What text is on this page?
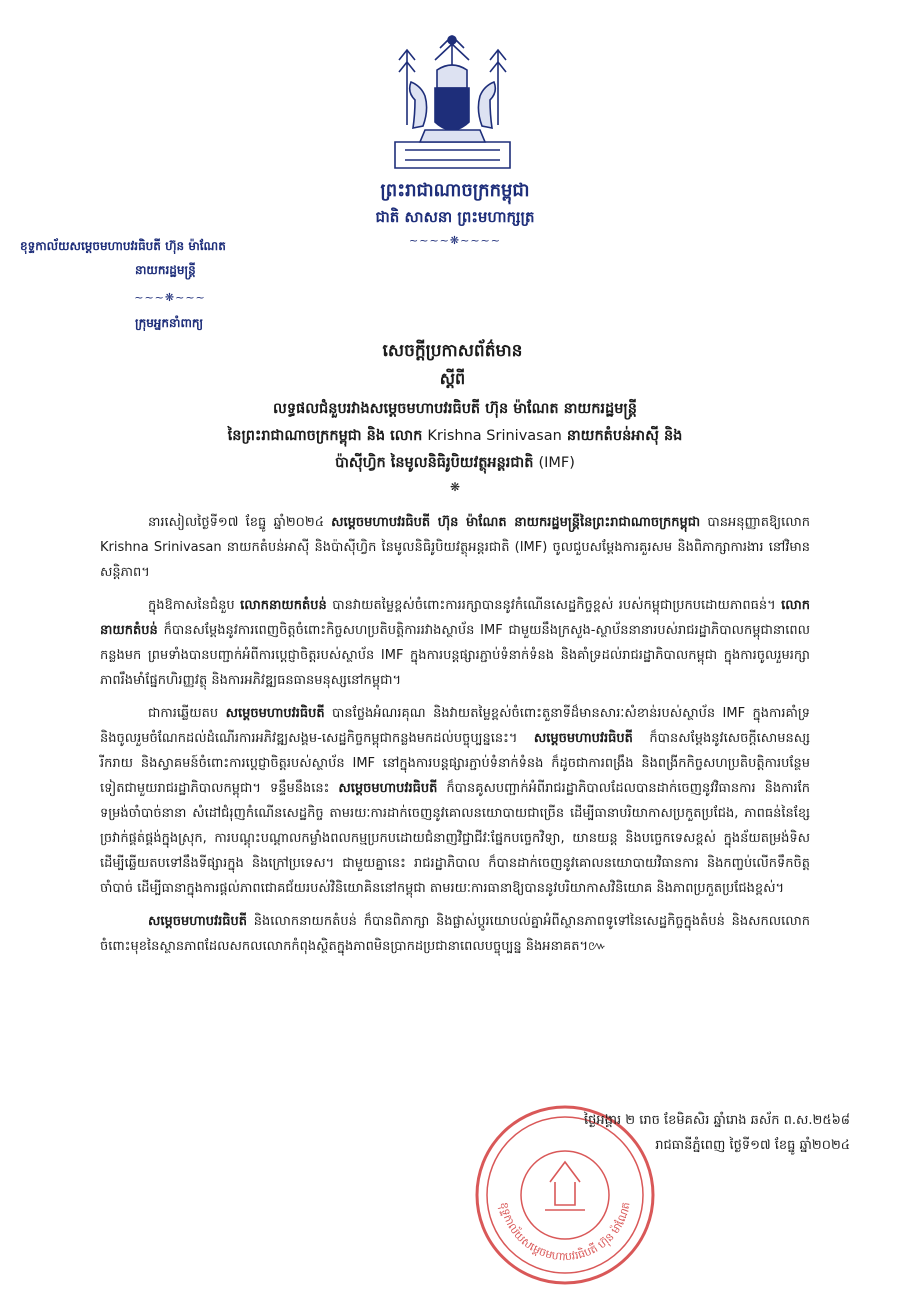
ព្រះរាជាណាចក្រកម្ពុជា
ជាតិ សាសនា ព្រះមហាក្សត្រ
~~~~❋~~~~
ខុទ្ទកាល័យសម្តេចមហាបវរធិបតី ហ៊ុន ម៉ាណែត
នាយករដ្ឋមន្ត្រី
~~~❋~~~
ក្រុមអ្នកនាំពាក្យ
សេចក្តីប្រកាសព័ត៌មាន
ស្តីពី
លទ្ធផលជំនួបរវាងសម្តេចមហាបវរធិបតី ហ៊ុន ម៉ាណែត នាយករដ្ឋមន្ត្រី
នៃព្រះរាជាណាចក្រកម្ពុជា និង លោក Krishna Srinivasan នាយកតំបន់អាស៊ី និង
ប៉ាស៊ីហ្វិក នៃមូលនិធិរូបិយវត្ថុអន្តរជាតិ (IMF)
❋

នារសៀលថ្ងៃទី១៧ ខែធ្នូ ឆ្នាំ២០២៤ សម្តេចមហាបវរធិបតី ហ៊ុន ម៉ាណែត នាយករដ្ឋមន្ត្រីនៃព្រះរាជាណាចក្រកម្ពុជា បានអនុញ្ញាតឱ្យលោក Krishna Srinivasan នាយកតំបន់អាស៊ី និងប៉ាស៊ីហ្វិក នៃមូលនិធិរូបិយវត្ថុអន្តរជាតិ (IMF) ចូលជួបសម្តែងការគួរសម និងពិភាក្សាការងារ នៅវិមានសន្តិភាព។

ក្នុងឱកាសនៃជំនួប លោកនាយកតំបន់ បានវាយតម្លៃខ្ពស់ចំពោះការរក្សាបាននូវកំណើនសេដ្ឋកិច្ចខ្ពស់ របស់កម្ពុជាប្រកបដោយភាពធន់។ លោកនាយកតំបន់ ក៏បានសម្តែងនូវការពេញចិត្តចំពោះកិច្ចសហប្រតិបត្តិការរវាងស្ថាប័ន IMF ជាមួយនឹងក្រសួង-ស្ថាប័ននានារបស់រាជរដ្ឋាភិបាលកម្ពុជានាពេលកន្លងមក ព្រមទាំងបានបញ្ជាក់អំពីការប្តេជ្ញាចិត្តរបស់ស្ថាប័ន IMF ក្នុងការបន្តផ្សារភ្ជាប់ទំនាក់ទំនង និងគាំទ្រដល់រាជរដ្ឋាភិបាលកម្ពុជា ក្នុងការចូលរួមរក្សាភាពរឹងមាំផ្នែកហិរញ្ញវត្ថុ និងការអភិវឌ្ឍធនធានមនុស្សនៅកម្ពុជា។

ជាការឆ្លើយតប សម្តេចមហាបវរធិបតី បានថ្លែងអំណរគុណ និងវាយតម្លៃខ្ពស់ចំពោះតួនាទីដ៏មានសារៈសំខាន់របស់ស្ថាប័ន IMF ក្នុងការគាំទ្រ និងចូលរួមចំណែកដល់ដំណើរការអភិវឌ្ឍសង្គម-សេដ្ឋកិច្ចកម្ពុជាកន្លងមកដល់បច្ចុប្បន្ននេះ។ សម្តេចមហាបវរធិបតី ក៏បានសម្តែងនូវសេចក្តីសោមនស្សរីករាយ និងស្វាគមន៍ចំពោះការប្តេជ្ញាចិត្តរបស់ស្ថាប័ន IMF នៅក្នុងការបន្តផ្សារភ្ជាប់ទំនាក់ទំនង ក៏ដូចជាការពង្រឹង និងពង្រីកកិច្ចសហប្រតិបត្តិការបន្ថែមទៀតជាមួយរាជរដ្ឋាភិបាលកម្ពុជា។ ទន្ទឹមនឹងនេះ សម្តេចមហាបវរធិបតី ក៏បានគូសបញ្ជាក់អំពីរាជរដ្ឋាភិបាលដែលបានដាក់ចេញនូវវិធានការ និងការកែទម្រង់ចាំបាច់នានា សំដៅជំរុញកំណើនសេដ្ឋកិច្ច តាមរយៈការដាក់ចេញនូវគោលនយោបាយជាច្រើន ដើម្បីធានាបរិយាកាសប្រកួតប្រជែង, ភាពធន់នៃខ្សែច្រវាក់ផ្គត់ផ្គង់ក្នុងស្រុក, ការបណ្តុះបណ្តាលកម្លាំងពលកម្មប្រកបដោយជំនាញវិជ្ជាជីវៈផ្នែកបច្ចេកវិទ្យា, យានយន្ត និងបច្ចេកទេសខ្ពស់ ក្នុងន័យតម្រង់ទិសដើម្បីឆ្លើយតបទៅនឹងទីផ្សារក្នុង និងក្រៅប្រទេស។ ជាមួយគ្នានេះ រាជរដ្ឋាភិបាល ក៏បានដាក់ចេញនូវគោលនយោបាយវិធានការ និងកញ្ចប់លើកទឹកចិត្តចាំបាច់ ដើម្បីធានាក្នុងការផ្តល់ភាពជោគជ័យរបស់វិនិយោគិននៅកម្ពុជា តាមរយៈការធានាឱ្យបាននូវបរិយាកាសវិនិយោគ និងភាពប្រកួតប្រជែងខ្ពស់។

សម្តេចមហាបវរធិបតី និងលោកនាយកតំបន់ ក៏បានពិភាក្សា និងផ្លាស់ប្តូរយោបល់គ្នាអំពីស្ថានភាពទូទៅនៃសេដ្ឋកិច្ចក្នុងតំបន់ និងសកលលោក ចំពោះមុខនៃស្ថានភាពដែលសកលលោកកំពុងស្ថិតក្នុងភាពមិនប្រាកដប្រជានាពេលបច្ចុប្បន្ន និងអនាគត។៚

ខុទ្ទកាល័យសម្តេចមហាបវរធិបតី ហ៊ុន ម៉ាណែត
ថ្ងៃអង្គារ ២ រោច ខែមិគសិរ ឆ្នាំរោង ឆស័ក ព.ស.២៥៦៨
រាជធានីភ្នំពេញ ថ្ងៃទី១៧ ខែធ្នូ ឆ្នាំ២០២៤
